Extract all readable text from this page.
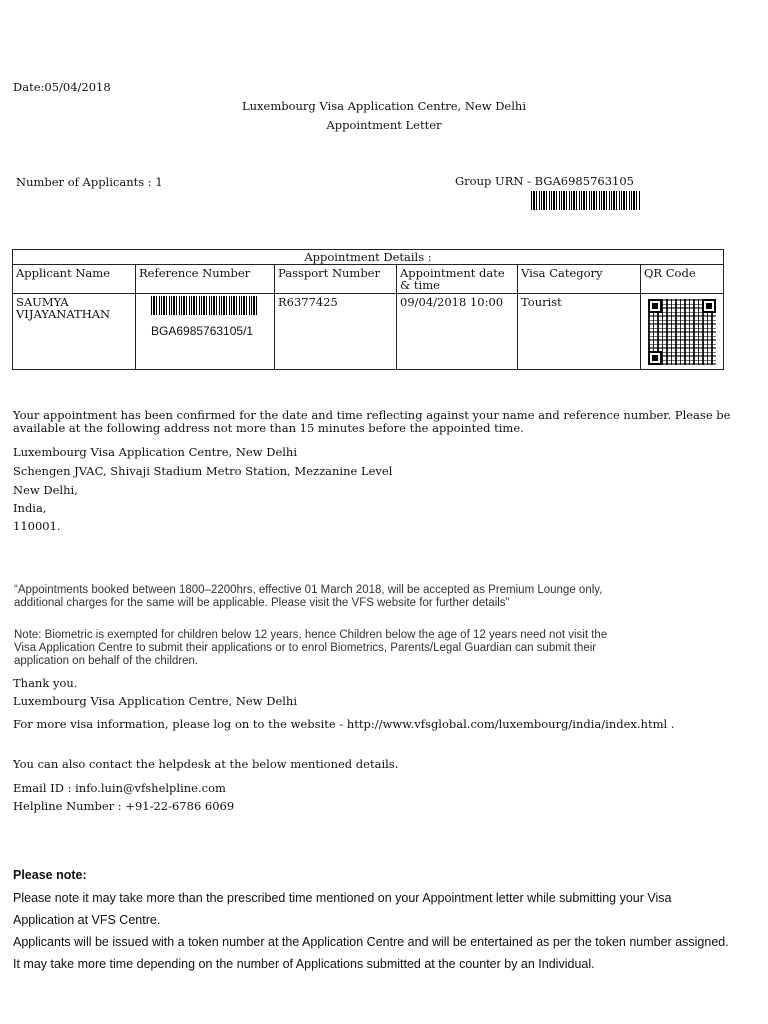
Date:05/04/2018
Luxembourg Visa Application Centre, New Delhi
Appointment Letter
Number of Applicants : 1	Group URN - BGA6985763105
Appointment Details :					
Applicant Name	Reference Number	Passport Number	Appointment date & time	Visa Category	QR Code
SAUMYA VIJAYANATHAN	BGA6985763105/1	R6377425	09/04/2018 10:00	Tourist	
Your appointment has been confirmed for the date and time reflecting against your name and reference number. Please be available at the following address not more than 15 minutes before the appointed time.
Luxembourg Visa Application Centre, New Delhi
Schengen JVAC, Shivaji Stadium Metro Station, Mezzanine Level
New Delhi,
India,
110001.

“Appointments booked between 1800–2200hrs, effective 01 March 2018, will be accepted as Premium Lounge only, additional charges for the same will be applicable. Please visit the VFS website for further details”

Note: Biometric is exempted for children below 12 years, hence Children below the age of 12 years need not visit the Visa Application Centre to submit their applications or to enrol Biometrics, Parents/Legal Guardian can submit their application on behalf of the children.

Thank you.
Luxembourg Visa Application Centre, New Delhi
For more visa information, please log on to the website - http://www.vfsglobal.com/luxembourg/india/index.html .
You can also contact the helpdesk at the below mentioned details.
Email ID : info.luin@vfshelpline.com
Helpline Number : +91-22-6786 6069
Please note:
Please note it may take more than the prescribed time mentioned on your Appointment letter while submitting your Visa
Application at VFS Centre.
Applicants will be issued with a token number at the Application Centre and will be entertained as per the token number assigned.
It may take more time depending on the number of Applications submitted at the counter by an Individual.
